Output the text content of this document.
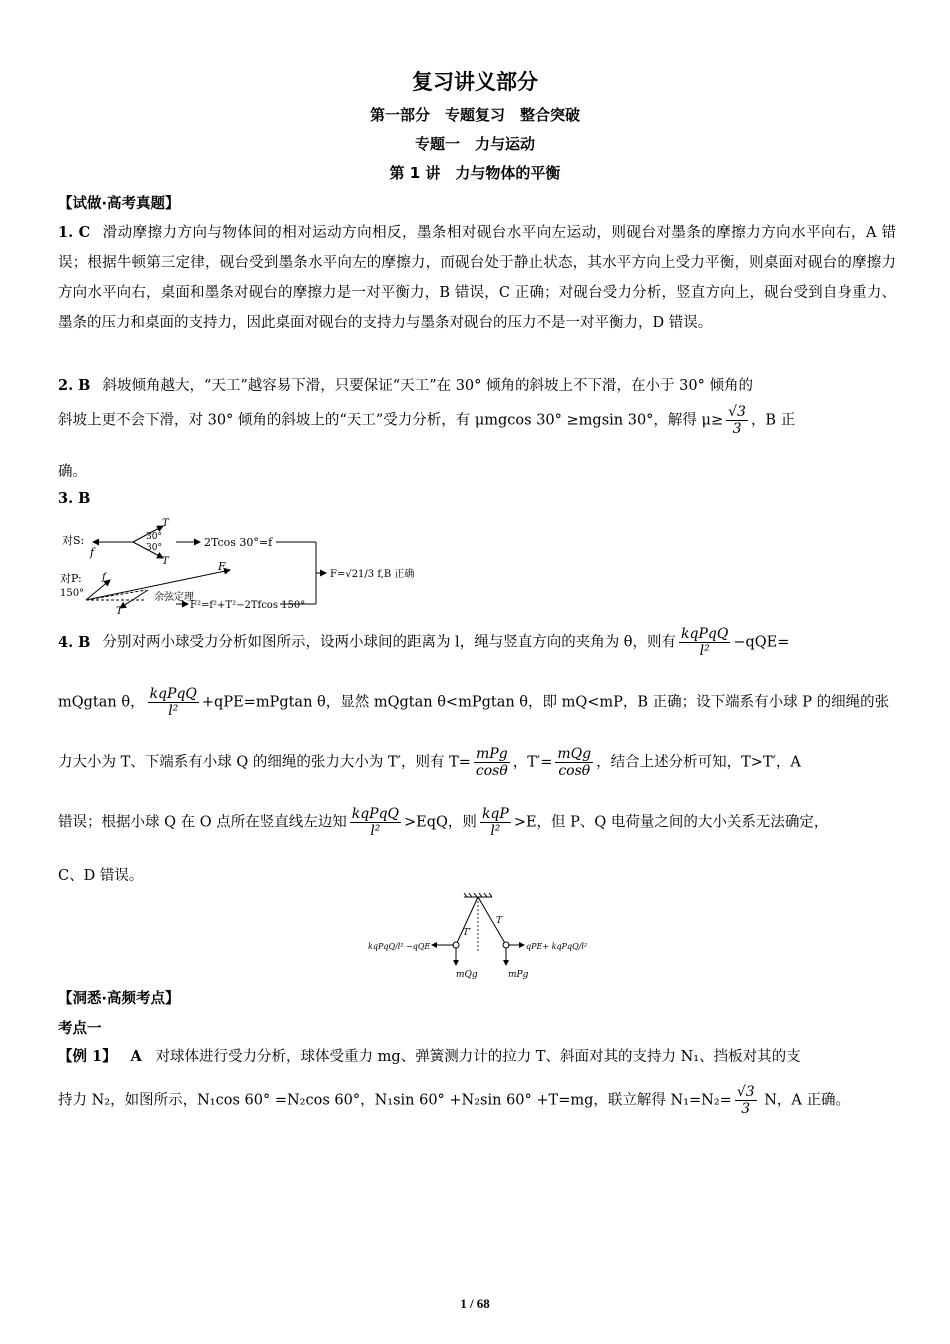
复习讲义部分
第一部分　专题复习　整合突破
专题一　力与运动
第 1 讲　力与物体的平衡
【试做·高考真题】
1. C 滑动摩擦力方向与物体间的相对运动方向相反，墨条相对砚台水平向左运动，则砚台对墨条的摩擦力方向水平向右，A 错误；根据牛顿第三定律，砚台受到墨条水平向左的摩擦力，而砚台处于静止状态，其水平方向上受力平衡，则桌面对砚台的摩擦力方向水平向右，桌面和墨条对砚台的摩擦力是一对平衡力，B 错误，C 正确；对砚台受力分析，竖直方向上，砚台受到自身重力、墨条的压力和桌面的支持力，因此桌面对砚台的支持力与墨条对砚台的压力不是一对平衡力，D 错误。
2. B 斜坡倾角越大，“天工”越容易下滑，只要保证“天工”在 30° 倾角的斜坡上不下滑，在小于 30° 倾角的
斜坡上更不会下滑，对 30° 倾角的斜坡上的“天工”受力分析，有 μmgcos 30° ≥mgsin 30°，解得 $\mu\ge \frac{√3}{3}$ ，B 正
确。
3. B
对S:
f
T
T
30°
30°	2Tcos 30°=f
对P:
150°
F
f
T
余弦定理
F²=f²+T²−2Tfcos 150°
F=√21/3 f,B 正确
4. B 分别对两小球受力分析如图所示，设两小球间的距离为 l，绳与竖直方向的夹角为 θ，则有 $\frac{\text{kqPqQ}}{\text{l²}} -qQE=$
mQgtan θ， $\frac{\text{kqPqQ}}{\text{l²}} +qPE=mPgtan$ θ，显然 mQgtan θ<mPgtan θ，即 mQ<mP，B 正确；设下端系有小球 P 的细绳的张
力大小为 T、下端系有小球 Q 的细绳的张力大小为 T′，则有 $T= \frac{\text{mPg}}{\cos\theta}$ ，$T'= \frac{\text{mQg}}{\cos\theta}$ ，结合上述分析可知，T>T′，A
错误；根据小球 Q 在 O 点所在竖直线左边知 $\frac{\text{kqPqQ}}{\text{l²}} >EqQ$，则 $\frac{\text{kqP}}{\text{l²}} >E$，但 P、Q 电荷量之间的大小关系无法确定，
C、D 错误。
T′
T
mQg	mPg
kqPqQ/l² −qQE	qPE+ kqPqQ/l²
【洞悉·高频考点】
考点一
【例 1】 A 对球体进行受力分析，球体受重力 mg、弹簧测力计的拉力 T、斜面对其的支持力 N₁、挡板对其的支
持力 N₂，如图所示，N₁cos 60° =N₂cos 60°，N₁sin 60° +N₂sin 60° +T=mg，联立解得 $N_1=N_2= \frac{√3}{3}$ N，A 正确。
1 / 68
